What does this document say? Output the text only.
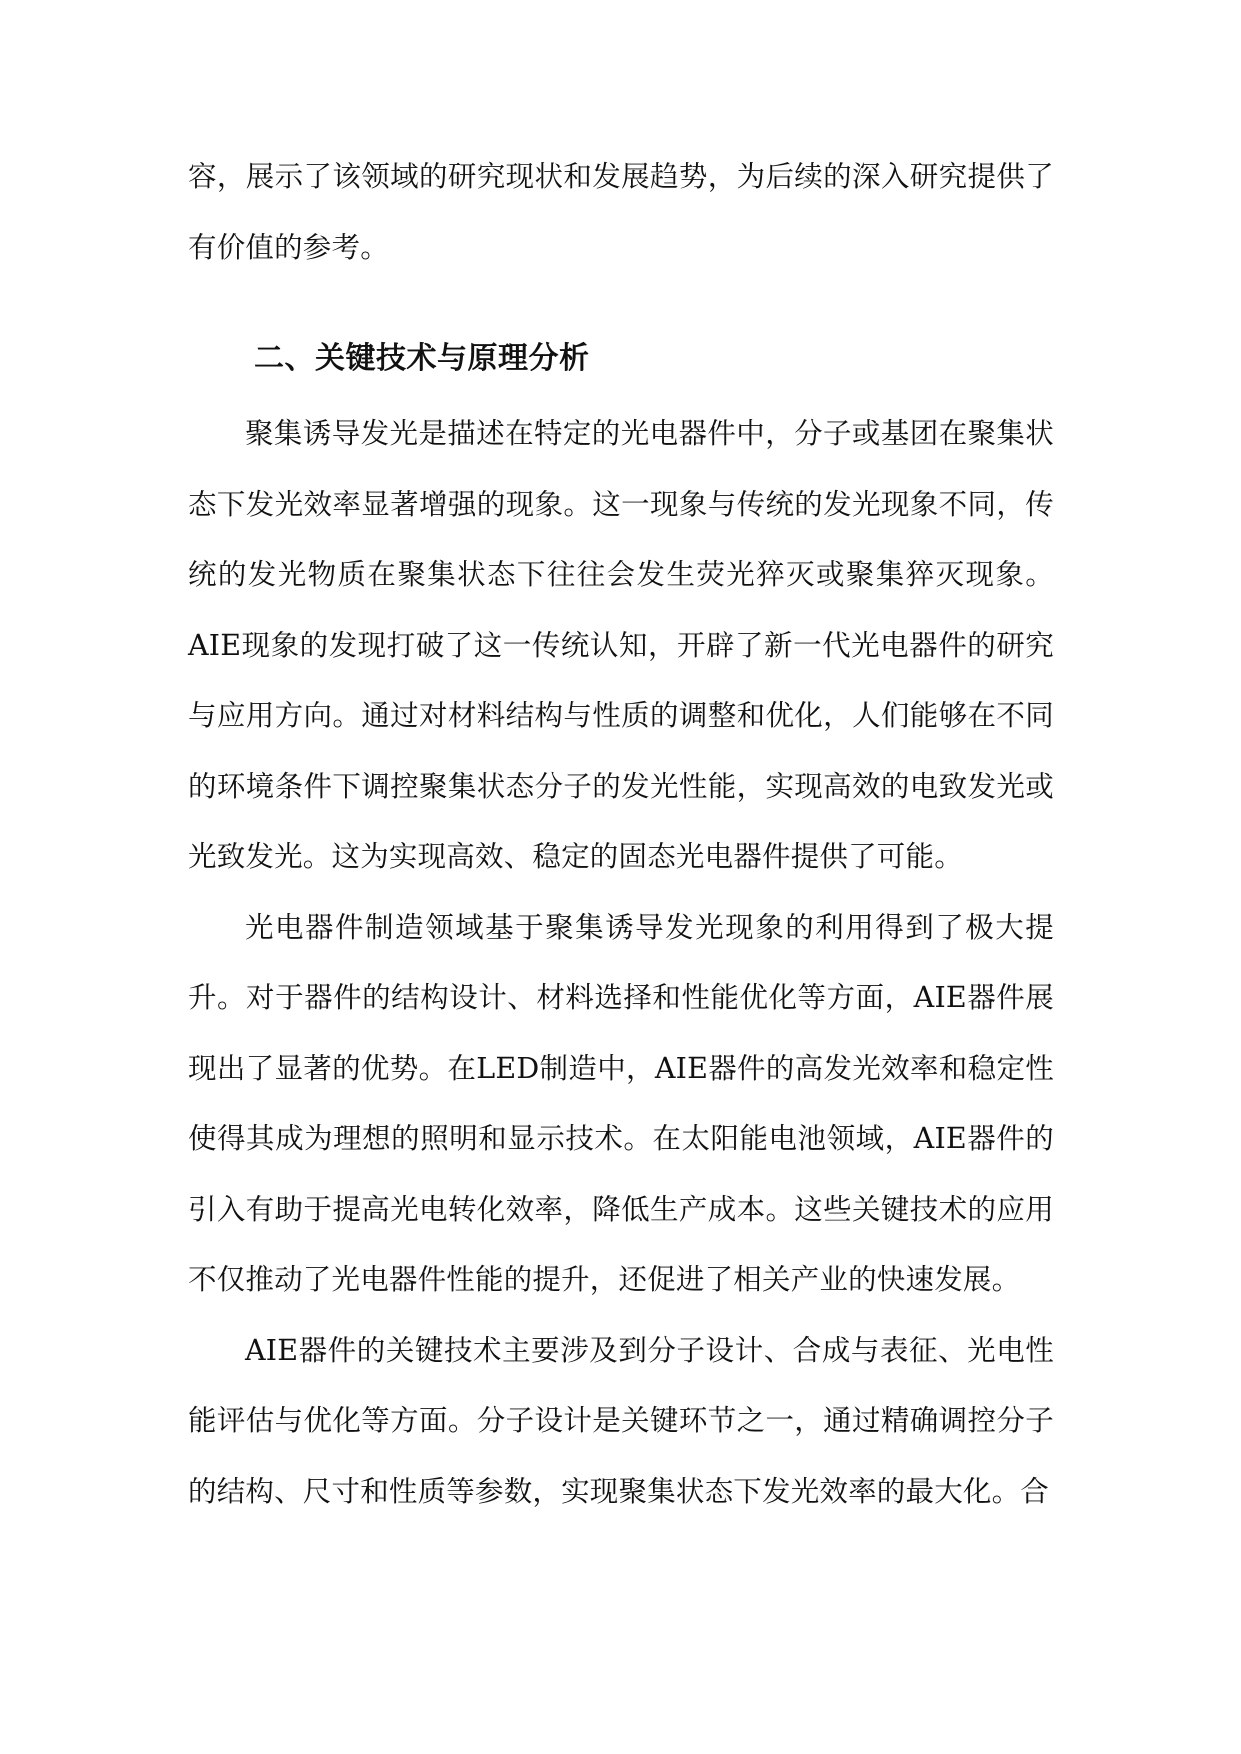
容，展示了该领域的研究现状和发展趋势，为后续的深入研究提供了有价值的参考。

二、关键技术与原理分析

聚集诱导发光是描述在特定的光电器件中，分子或基团在聚集状态下发光效率显著增强的现象。这一现象与传统的发光现象不同，传统的发光物质在聚集状态下往往会发生荧光猝灭或聚集猝灭现象。AIE现象的发现打破了这一传统认知，开辟了新一代光电器件的研究与应用方向。通过对材料结构与性质的调整和优化，人们能够在不同的环境条件下调控聚集状态分子的发光性能，实现高效的电致发光或光致发光。这为实现高效、稳定的固态光电器件提供了可能。

光电器件制造领域基于聚集诱导发光现象的利用得到了极大提升。对于器件的结构设计、材料选择和性能优化等方面，AIE器件展现出了显著的优势。在LED制造中，AIE器件的高发光效率和稳定性使得其成为理想的照明和显示技术。在太阳能电池领域，AIE器件的引入有助于提高光电转化效率，降低生产成本。这些关键技术的应用不仅推动了光电器件性能的提升，还促进了相关产业的快速发展。

AIE器件的关键技术主要涉及到分子设计、合成与表征、光电性能评估与优化等方面。分子设计是关键环节之一，通过精确调控分子的结构、尺寸和性质等参数，实现聚集状态下发光效率的最大化。合
